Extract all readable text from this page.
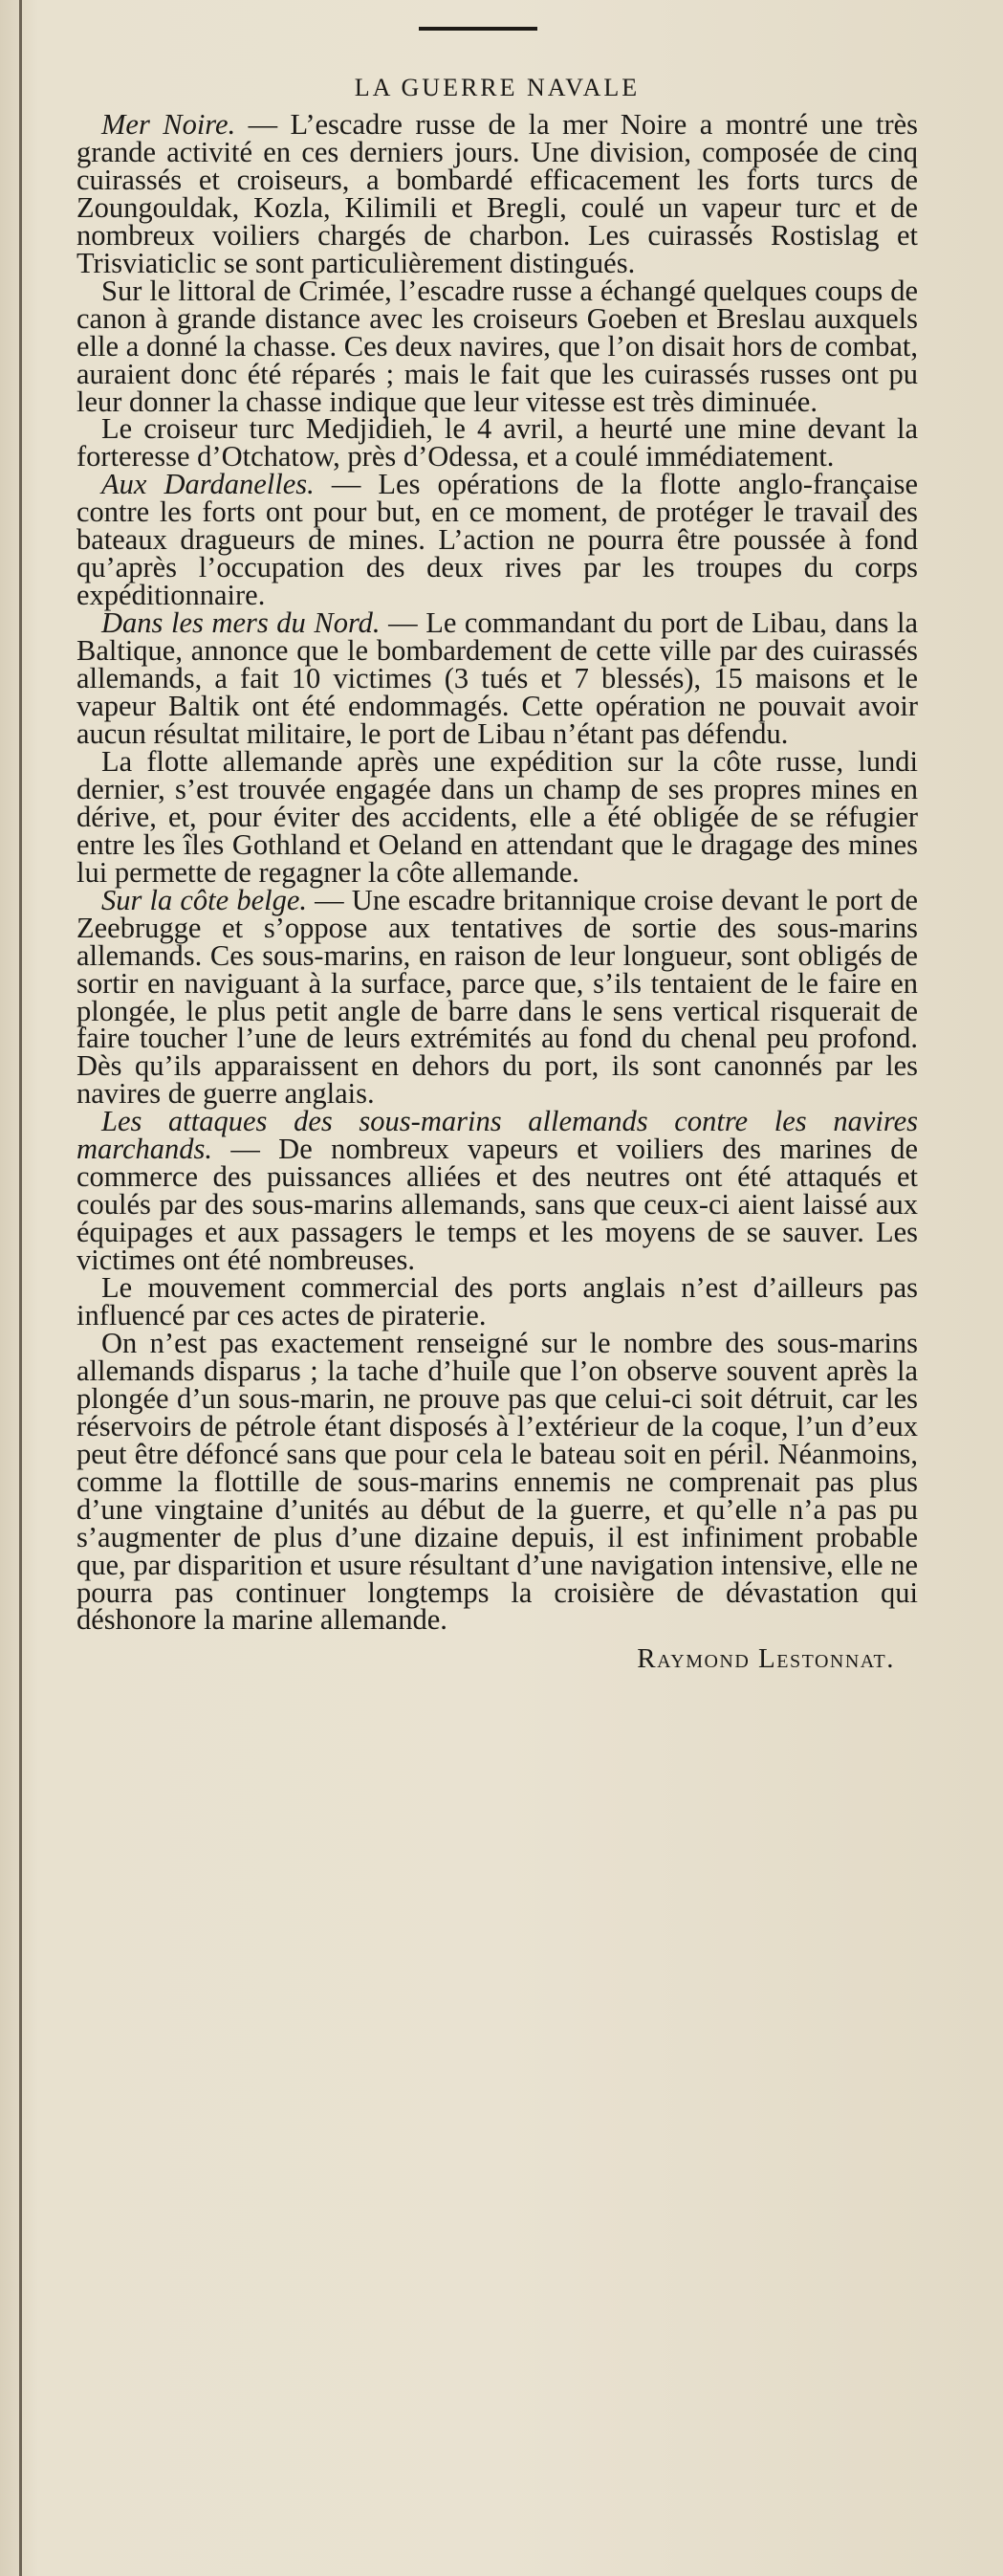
LA GUERRE NAVALE

Mer Noire. — L’escadre russe de la mer Noire a montré une très grande activité en ces derniers jours. Une division, composée de cinq cuirassés et croiseurs, a bombardé efficacement les forts turcs de Zoungouldak, Kozla, Kilimili et Bregli, coulé un vapeur turc et de nombreux voiliers chargés de charbon. Les cuirassés Rostislag et Trisviaticlic se sont particulièrement distingués.

Sur le littoral de Crimée, l’escadre russe a échangé quelques coups de canon à grande distance avec les croiseurs Goeben et Breslau auxquels elle a donné la chasse. Ces deux navires, que l’on disait hors de combat, auraient donc été réparés ; mais le fait que les cuirassés russes ont pu leur donner la chasse indique que leur vitesse est très diminuée.

Le croiseur turc Medjidieh, le 4 avril, a heurté une mine devant la forteresse d’Otchatow, près d’Odessa, et a coulé immédiatement.

Aux Dardanelles. — Les opérations de la flotte anglo-française contre les forts ont pour but, en ce moment, de protéger le travail des bateaux dragueurs de mines. L’action ne pourra être poussée à fond qu’après l’occupation des deux rives par les troupes du corps expéditionnaire.

Dans les mers du Nord. — Le commandant du port de Libau, dans la Baltique, annonce que le bombardement de cette ville par des cuirassés allemands, a fait 10 victimes (3 tués et 7 blessés), 15 maisons et le vapeur Baltik ont été endommagés. Cette opération ne pouvait avoir aucun résultat militaire, le port de Libau n’étant pas défendu.

La flotte allemande après une expédition sur la côte russe, lundi dernier, s’est trouvée engagée dans un champ de ses propres mines en dérive, et, pour éviter des accidents, elle a été obligée de se réfugier entre les îles Gothland et Oeland en attendant que le dragage des mines lui permette de regagner la côte allemande.

Sur la côte belge. — Une escadre britannique croise devant le port de Zeebrugge et s’oppose aux tentatives de sortie des sous-marins allemands. Ces sous-marins, en raison de leur longueur, sont obligés de sortir en naviguant à la surface, parce que, s’ils tentaient de le faire en plongée, le plus petit angle de barre dans le sens vertical risquerait de faire toucher l’une de leurs extrémités au fond du chenal peu profond. Dès qu’ils apparaissent en dehors du port, ils sont canonnés par les navires de guerre anglais.

Les attaques des sous-marins allemands contre les navires marchands. — De nombreux vapeurs et voiliers des marines de commerce des puissances alliées et des neutres ont été attaqués et coulés par des sous-marins allemands, sans que ceux-ci aient laissé aux équipages et aux passagers le temps et les moyens de se sauver. Les victimes ont été nombreuses.

Le mouvement commercial des ports anglais n’est d’ailleurs pas influencé par ces actes de piraterie.

On n’est pas exactement renseigné sur le nombre des sous-marins allemands disparus ; la tache d’huile que l’on observe souvent après la plongée d’un sous-marin, ne prouve pas que celui-ci soit détruit, car les réservoirs de pétrole étant disposés à l’extérieur de la coque, l’un d’eux peut être défoncé sans que pour cela le bateau soit en péril. Néanmoins, comme la flottille de sous-marins ennemis ne comprenait pas plus d’une vingtaine d’unités au début de la guerre, et qu’elle n’a pas pu s’augmenter de plus d’une dizaine depuis, il est infiniment probable que, par disparition et usure résultant d’une navigation intensive, elle ne pourra pas continuer longtemps la croisière de dévastation qui déshonore la marine allemande.

Raymond Lestonnat.
